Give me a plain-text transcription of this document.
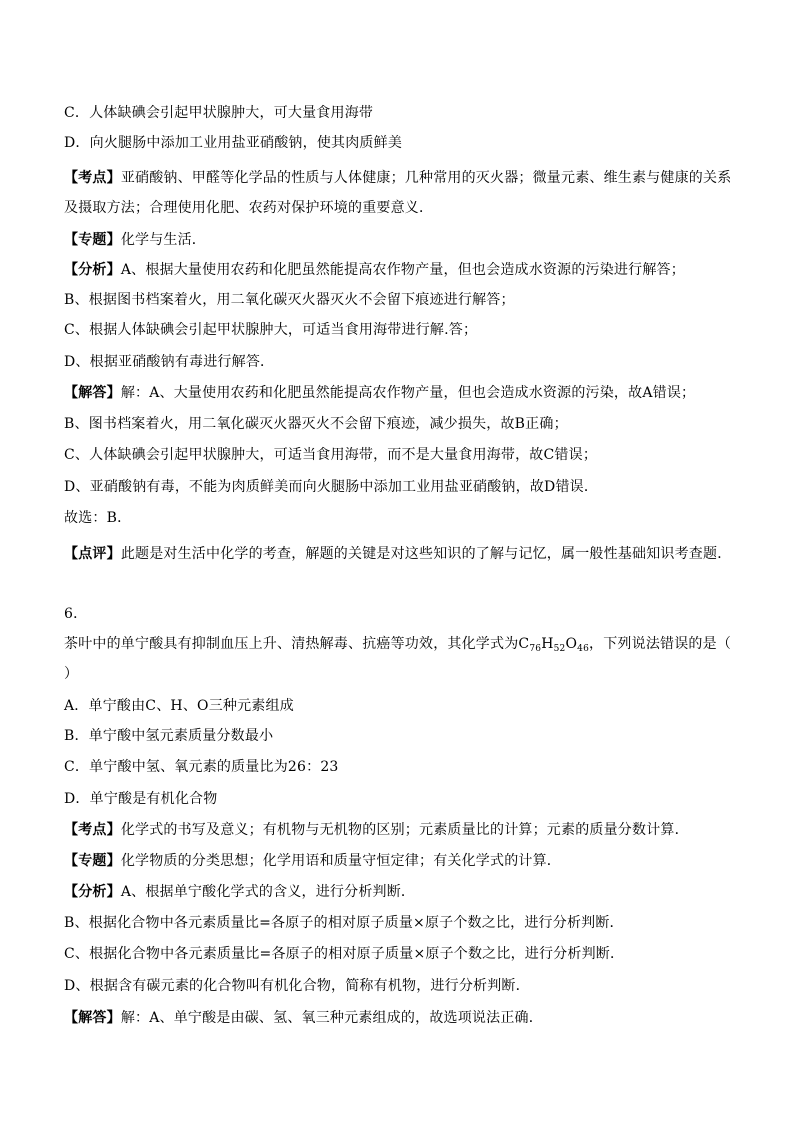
C．人体缺碘会引起甲状腺肿大，可大量食用海带
D．向火腿肠中添加工业用盐亚硝酸钠，使其肉质鲜美
【考点】亚硝酸钠、甲醛等化学品的性质与人体健康；几种常用的灭火器；微量元素、维生素与健康的关系及摄取方法；合理使用化肥、农药对保护环境的重要意义．
【专题】化学与生活．
【分析】A、根据大量使用农药和化肥虽然能提高农作物产量，但也会造成水资源的污染进行解答；
B、根据图书档案着火，用二氧化碳灭火器灭火不会留下痕迹进行解答；
C、根据人体缺碘会引起甲状腺肿大，可适当食用海带进行解.答；
D、根据亚硝酸钠有毒进行解答．
【解答】解：A、大量使用农药和化肥虽然能提高农作物产量，但也会造成水资源的污染，故A错误；
B、图书档案着火，用二氧化碳灭火器灭火不会留下痕迹，减少损失，故B正确；
C、人体缺碘会引起甲状腺肿大，可适当食用海带，而不是大量食用海带，故C错误；
D、亚硝酸钠有毒，不能为肉质鲜美而向火腿肠中添加工业用盐亚硝酸钠，故D错误．
故选：B．
【点评】此题是对生活中化学的考查，解题的关键是对这些知识的了解与记忆，属一般性基础知识考查题．
6．
茶叶中的单宁酸具有抑制血压上升、清热解毒、抗癌等功效，其化学式为$C_{76}H_{52}O_{46}$，下列说法错误的是（
）
A．单宁酸由C、H、O三种元素组成
B．单宁酸中氢元素质量分数最小
C．单宁酸中氢、氧元素的质量比为26：23
D．单宁酸是有机化合物
【考点】化学式的书写及意义；有机物与无机物的区别；元素质量比的计算；元素的质量分数计算．
【专题】化学物质的分类思想；化学用语和质量守恒定律；有关化学式的计算．
【分析】A、根据单宁酸化学式的含义，进行分析判断．
B、根据化合物中各元素质量比=各原子的相对原子质量×原子个数之比，进行分析判断．
C、根据化合物中各元素质量比=各原子的相对原子质量×原子个数之比，进行分析判断．
D、根据含有碳元素的化合物叫有机化合物，简称有机物，进行分析判断．
【解答】解：A、单宁酸是由碳、氢、氧三种元素组成的，故选项说法正确．
